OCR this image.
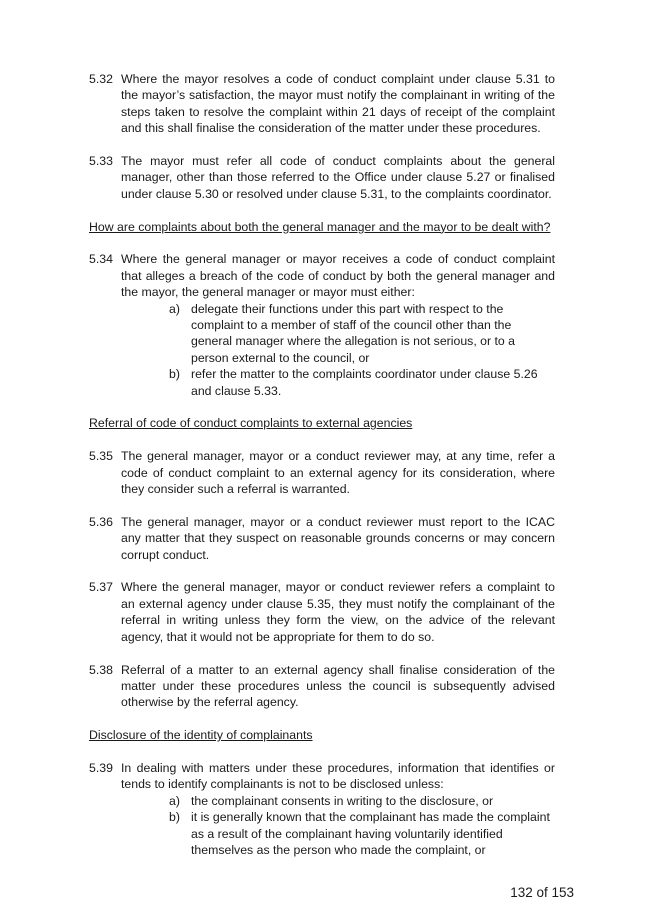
5.32 Where the mayor resolves a code of conduct complaint under clause 5.31 to the mayor’s satisfaction, the mayor must notify the complainant in writing of the steps taken to resolve the complaint within 21 days of receipt of the complaint and this shall finalise the consideration of the matter under these procedures.
5.33 The mayor must refer all code of conduct complaints about the general manager, other than those referred to the Office under clause 5.27 or finalised under clause 5.30 or resolved under clause 5.31, to the complaints coordinator.
How are complaints about both the general manager and the mayor to be dealt with?
5.34 Where the general manager or mayor receives a code of conduct complaint that alleges a breach of the code of conduct by both the general manager and the mayor, the general manager or mayor must either:
a) delegate their functions under this part with respect to the complaint to a member of staff of the council other than the general manager where the allegation is not serious, or to a person external to the council, or
b) refer the matter to the complaints coordinator under clause 5.26 and clause 5.33.
Referral of code of conduct complaints to external agencies
5.35 The general manager, mayor or a conduct reviewer may, at any time, refer a code of conduct complaint to an external agency for its consideration, where they consider such a referral is warranted.
5.36 The general manager, mayor or a conduct reviewer must report to the ICAC any matter that they suspect on reasonable grounds concerns or may concern corrupt conduct.
5.37 Where the general manager, mayor or conduct reviewer refers a complaint to an external agency under clause 5.35, they must notify the complainant of the referral in writing unless they form the view, on the advice of the relevant agency, that it would not be appropriate for them to do so.
5.38 Referral of a matter to an external agency shall finalise consideration of the matter under these procedures unless the council is subsequently advised otherwise by the referral agency.
Disclosure of the identity of complainants
5.39 In dealing with matters under these procedures, information that identifies or tends to identify complainants is not to be disclosed unless:
a) the complainant consents in writing to the disclosure, or
b) it is generally known that the complainant has made the complaint as a result of the complainant having voluntarily identified themselves as the person who made the complaint, or
132 of 153
